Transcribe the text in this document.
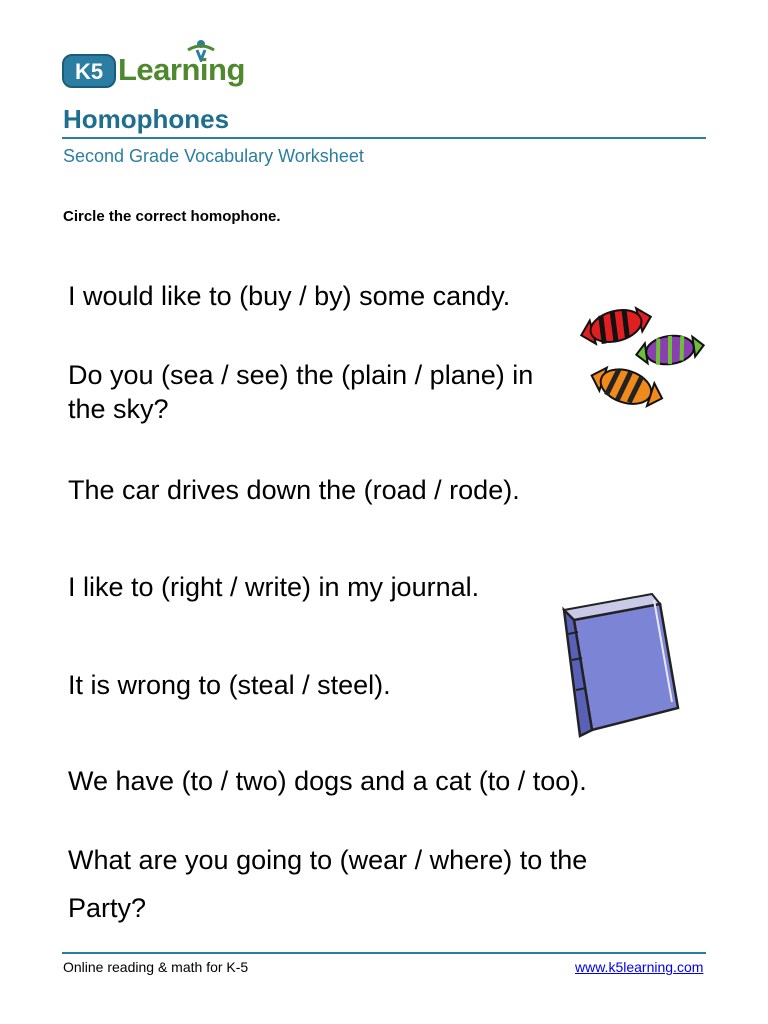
K5 Learning
Homophones
Second Grade Vocabulary Worksheet
Circle the correct homophone.
I would like to (buy / by) some candy.
Do you (sea / see) the (plain / plane) in the sky?
The car drives down the (road / rode).
I like to (right / write) in my journal.
It is wrong to (steal / steel).
We have (to / two) dogs and a cat (to / too).
What are you going to (wear / where) to the Party?
Online reading & math for K-5	www.k5learning.com
